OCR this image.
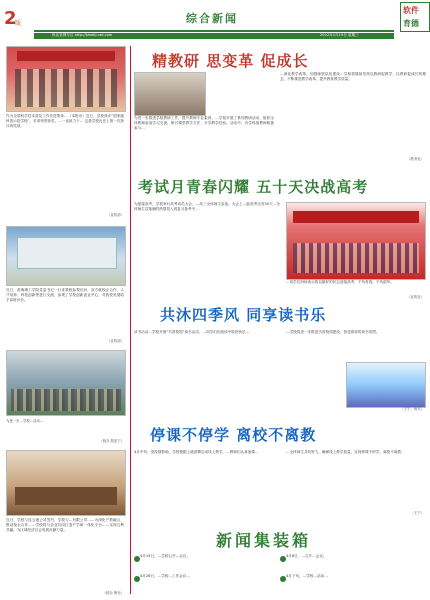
2
版	综合新闻
软件
育德
科达官网专区 http://tzkdkj.net.com	2022年1月19日 星期三
作为全国科学技术普及工作先进集体…（本报讯）近日，学校获评“国家级科普示范学校”，多项荣誉获奖，…一直致力于… 这是学校历史上第一次获评该奖项。
（宣传部）
近日，淮海理工学院党委书记一行来我校参观访问，双方就校企合作、人才培养、科技创新等进行交流，参观了学校创新创业中心，对我校发展给予高度评价。
（宣传部）
为进一步…学校…活动…
（校办 胡亚宁）
近日，学校与连云港公司签约，学校与…有限公司……为深化产教融合，推动校企合作……学校将与企业共同打造产学研一体化平台……实现互利共赢，为区域经济社会发展贡献力量。
（校办 鲁光）
精教研 思变革 促成长
为进一步推进学校教研工作，提升教师专业素养，…学校开展了系列教研活动，组织全体教师参加学习交流，研讨课堂教学方法，分享教学经验。活动中，各学科组教师积极参与…
…深化教学改革，加强师资队伍建设…学校将继续坚持以教研促教学、以教研促成长的理念，不断推进教学改革，提升教育教学质量。
（教务处）
考试月青春闪耀 五十天决战高考
为迎接高考，学校举行高考动员大会，…高三全体师生参加。大会上…距高考还有50天…全体师生以饱满的热情投入到复习备考中…
…同学们纷纷表示将以最好的状态迎接高考，不负青春，不负韶华。
（宣传处）
共沐四季风 同享读书乐
读书活动…学校开展“书香校园”读书活动，…同学们在阅读中收获快乐…	…学校将进一步推进书香校园建设，营造浓厚的读书氛围。
（王宁、杨凡）
停课不停学 离校不离教
4月中旬，受疫情影响，学校根据上级部署启动线上教学，…教师们认真备课…	…全体师生共同努力，确保线上教学质量，实现停课不停学，离校不离教。
（王宁）
新闻集装箱
4月19日，…学校召开…会议。
4月26日，…学校…工作会议…
4月6日，…召开…会议。
4月下旬，…学校…活动…
